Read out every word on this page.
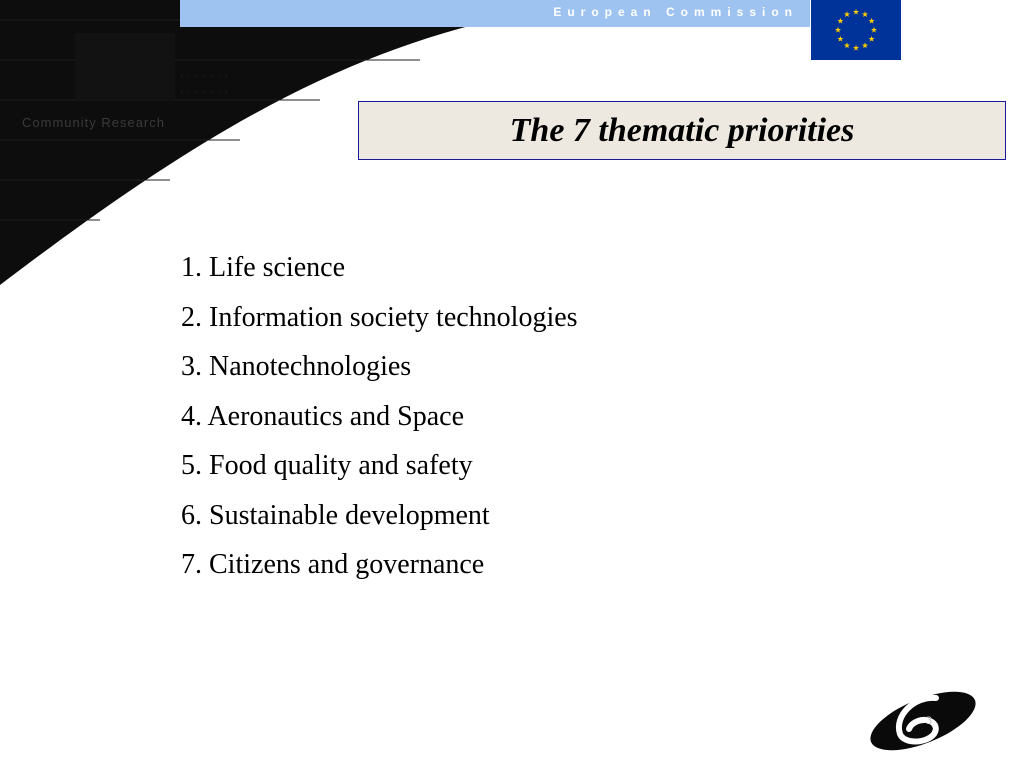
European Commission
· · · · · · ·
· · · · · · ·
Community Research	The 7 thematic priorities
1. Life science
2. Information society technologies
3. Nanotechnologies
4. Aeronautics and Space
5. Food quality and safety
6. Sustainable development
7. Citizens and governance
3
